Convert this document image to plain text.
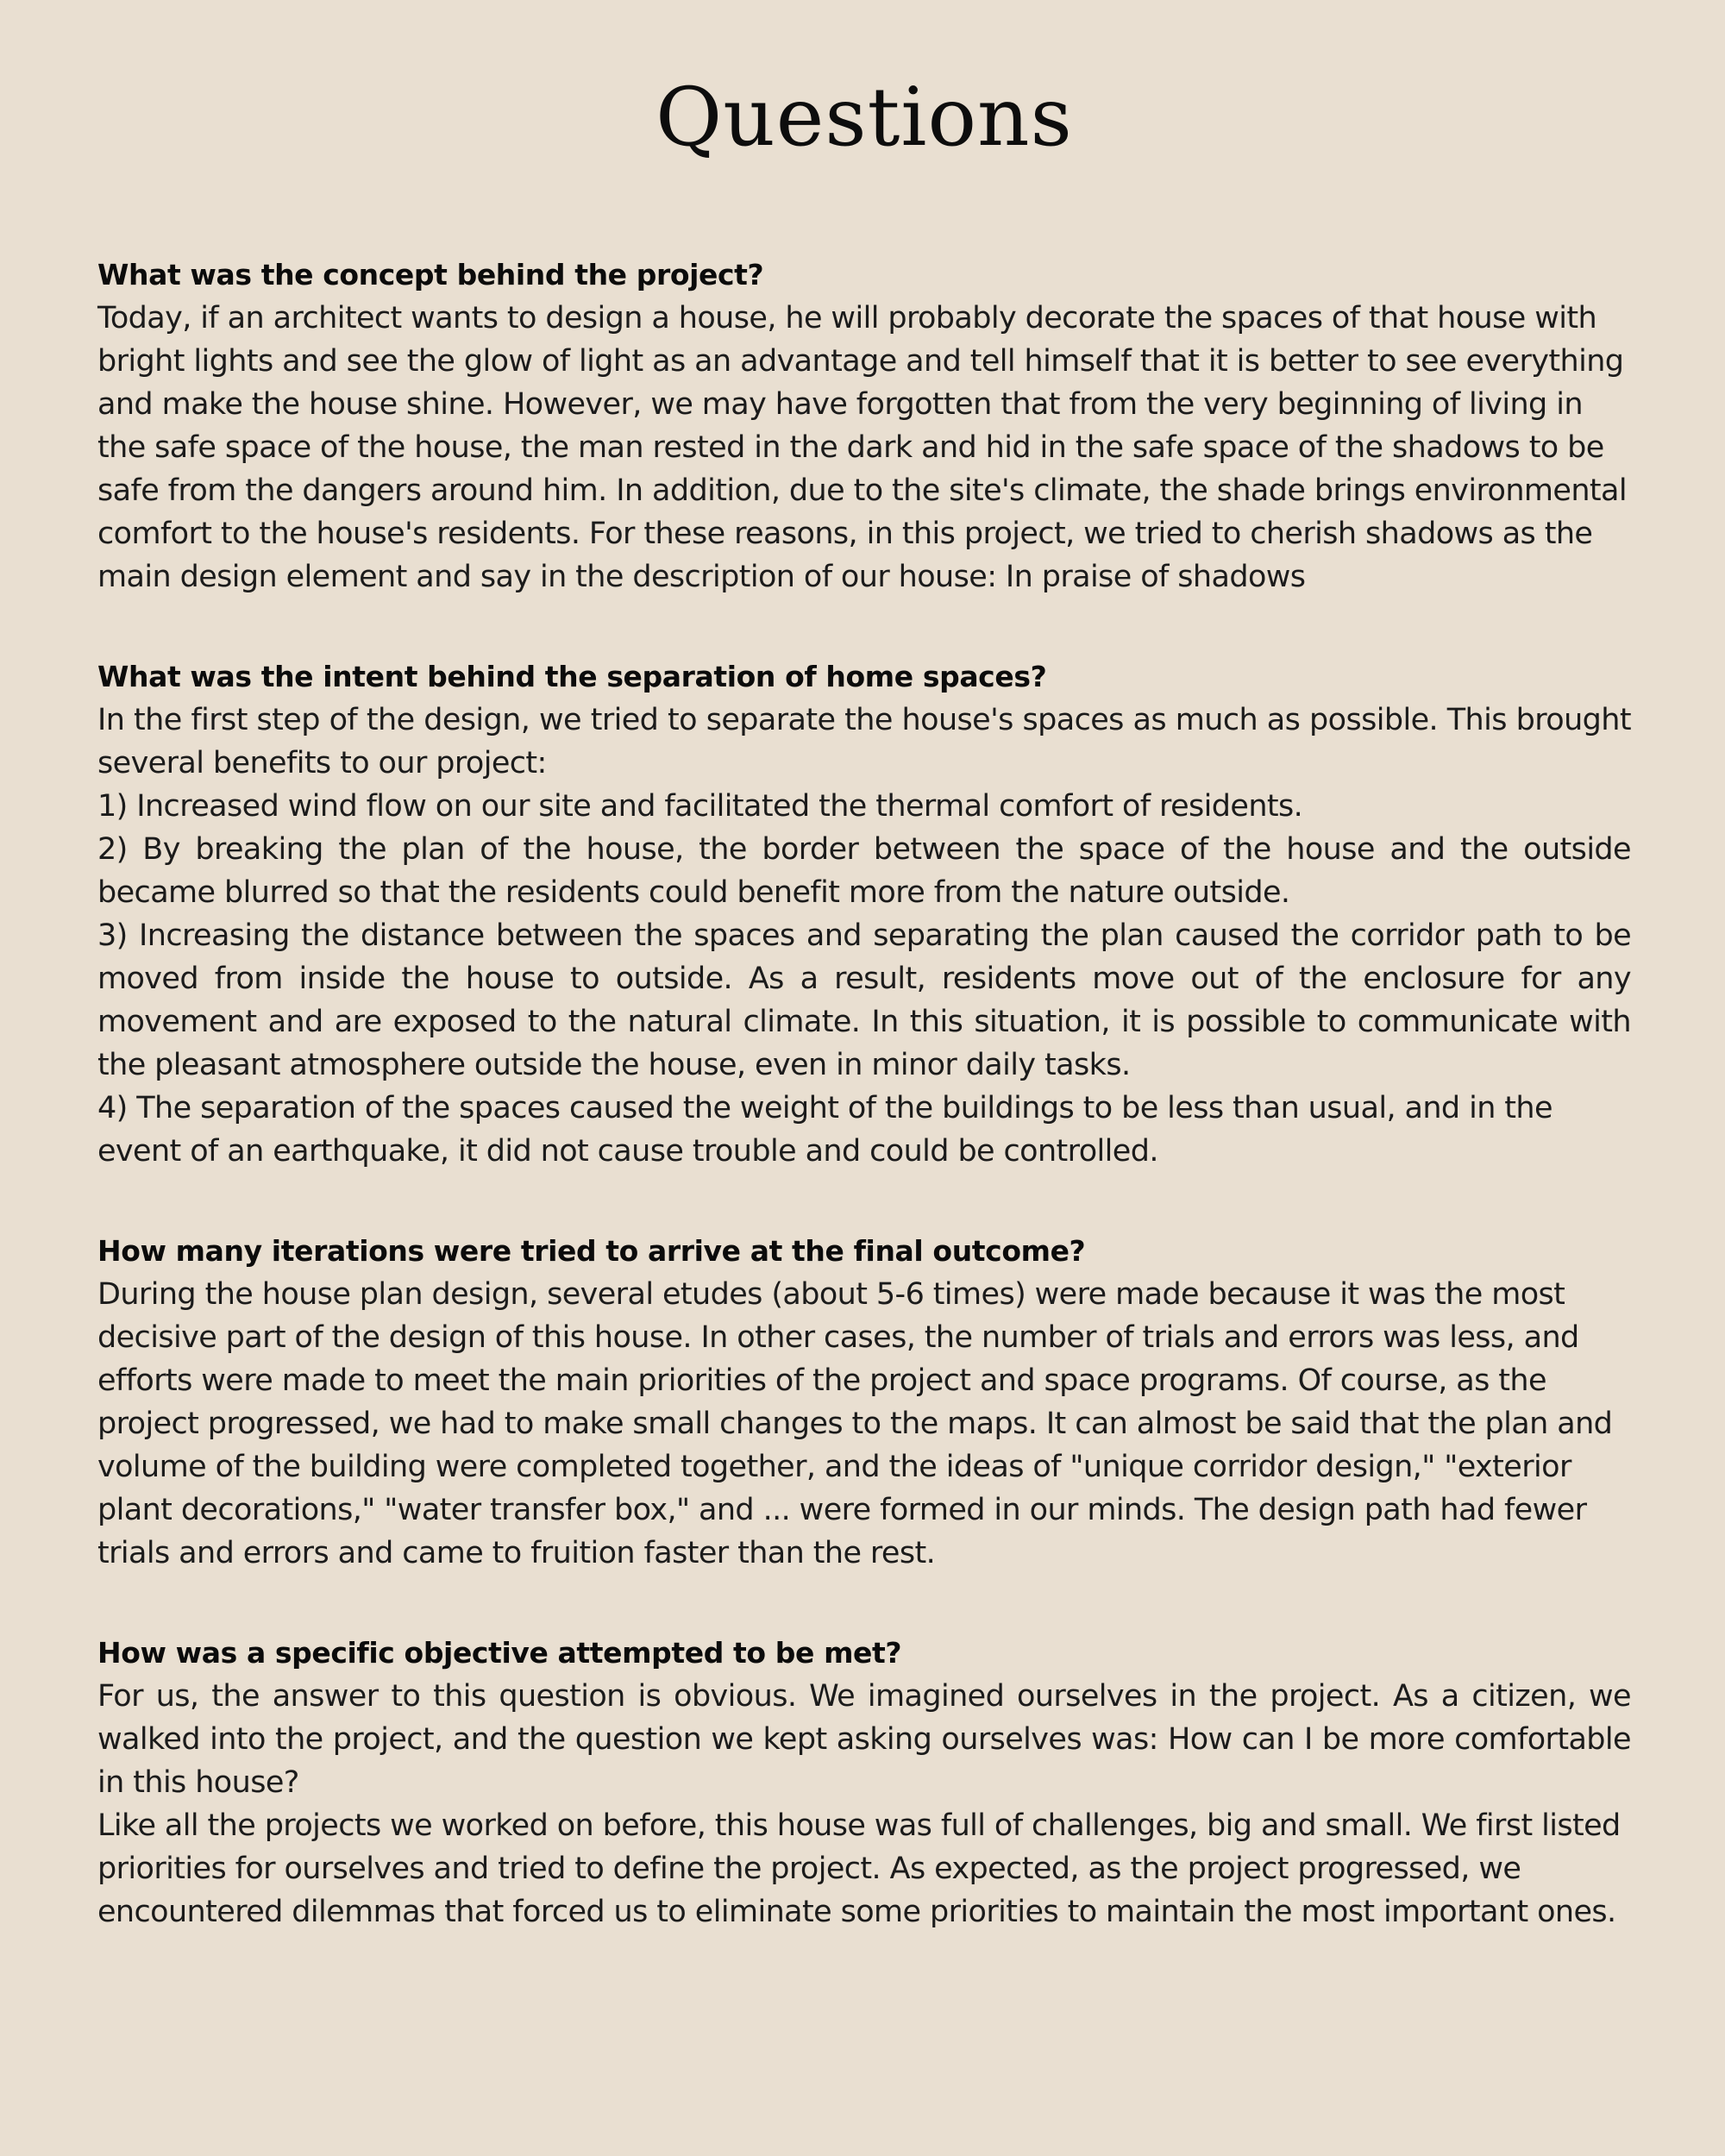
Questions
What was the concept behind the project?

Today, if an architect wants to design a house, he will probably decorate the spaces of that house with bright lights and see the glow of light as an advantage and tell himself that it is better to see everything and make the house shine. However, we may have forgotten that from the very beginning of living in the safe space of the house, the man rested in the dark and hid in the safe space of the shadows to be safe from the dangers around him. In addition, due to the site's climate, the shade brings environmental comfort to the house's residents. For these reasons, in this project, we tried to cherish shadows as the main design element and say in the description of our house: In praise of shadows

What was the intent behind the separation of home spaces?

In the first step of the design, we tried to separate the house's spaces as much as possible. This brought several benefits to our project:

1) Increased wind flow on our site and facilitated the thermal comfort of residents.

2) By breaking the plan of the house, the border between the space of the house and the outside became blurred so that the residents could benefit more from the nature outside.

3) Increasing the distance between the spaces and separating the plan caused the corridor path to be moved from inside the house to outside. As a result, residents move out of the enclosure for any movement and are exposed to the natural climate. In this situation, it is possible to communicate with the pleasant atmosphere outside the house, even in minor daily tasks.

4) The separation of the spaces caused the weight of the buildings to be less than usual, and in the event of an earthquake, it did not cause trouble and could be controlled.

How many iterations were tried to arrive at the final outcome?

During the house plan design, several etudes (about 5-6 times) were made because it was the most decisive part of the design of this house. In other cases, the number of trials and errors was less, and efforts were made to meet the main priorities of the project and space programs. Of course, as the project progressed, we had to make small changes to the maps. It can almost be said that the plan and volume of the building were completed together, and the ideas of "unique corridor design," "exterior plant decorations," "water transfer box," and ... were formed in our minds. The design path had fewer trials and errors and came to fruition faster than the rest.

How was a specific objective attempted to be met?

For us, the answer to this question is obvious. We imagined ourselves in the project. As a citizen, we walked into the project, and the question we kept asking ourselves was: How can I be more comfortable in this house?

Like all the projects we worked on before, this house was full of challenges, big and small. We first listed priorities for ourselves and tried to define the project. As expected, as the project progressed, we encountered dilemmas that forced us to eliminate some priorities to maintain the most important ones.
